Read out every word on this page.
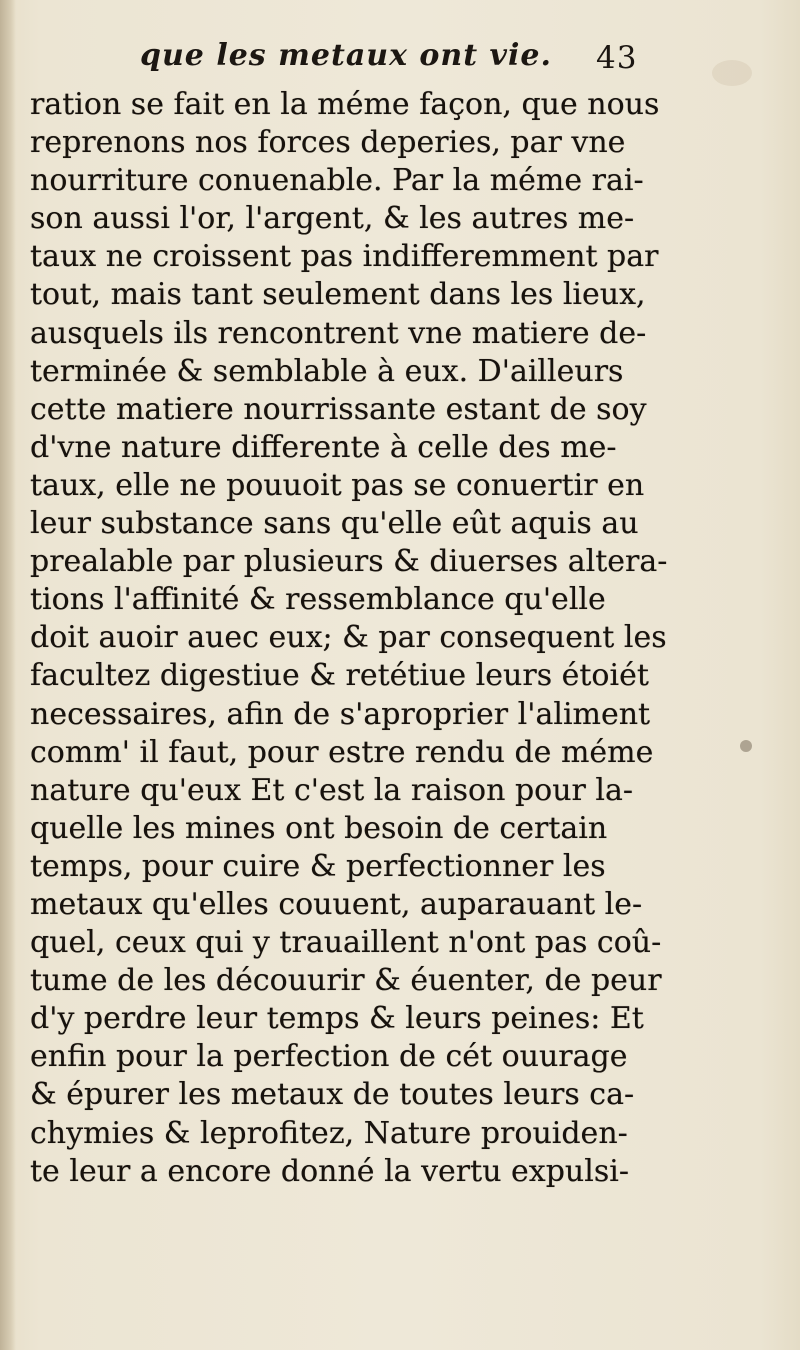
que les metaux ont vie.	43
ration se fait en la méme façon, que nous
reprenons nos forces deperies, par vne
nourriture conuenable. Par la méme rai-
son aussi l'or, l'argent, & les autres me-
taux ne croissent pas indifferemment par
tout, mais tant seulement dans les lieux,
ausquels ils rencontrent vne matiere de-
terminée & semblable à eux. D'ailleurs
cette matiere nourrissante estant de soy
d'vne nature differente à celle des me-
taux, elle ne pouuoit pas se conuertir en
leur substance sans qu'elle eût aquis au
prealable par plusieurs & diuerses altera-
tions l'affinité & ressemblance qu'elle
doit auoir auec eux; & par consequent les
facultez digestiue & retétiue leurs étoiét
necessaires, afin de s'aproprier l'aliment
comm' il faut, pour estre rendu de méme
nature qu'eux Et c'est la raison pour la-
quelle les mines ont besoin de certain
temps, pour cuire & perfectionner les
metaux qu'elles couuent, auparauant le-
quel, ceux qui y trauaillent n'ont pas coû-
tume de les découurir & éuenter, de peur
d'y perdre leur temps & leurs peines: Et
enfin pour la perfection de cét ouurage
& épurer les metaux de toutes leurs ca-
chymies & leprofitez, Nature prouiden-
te leur a encore donné la vertu expulsi-
